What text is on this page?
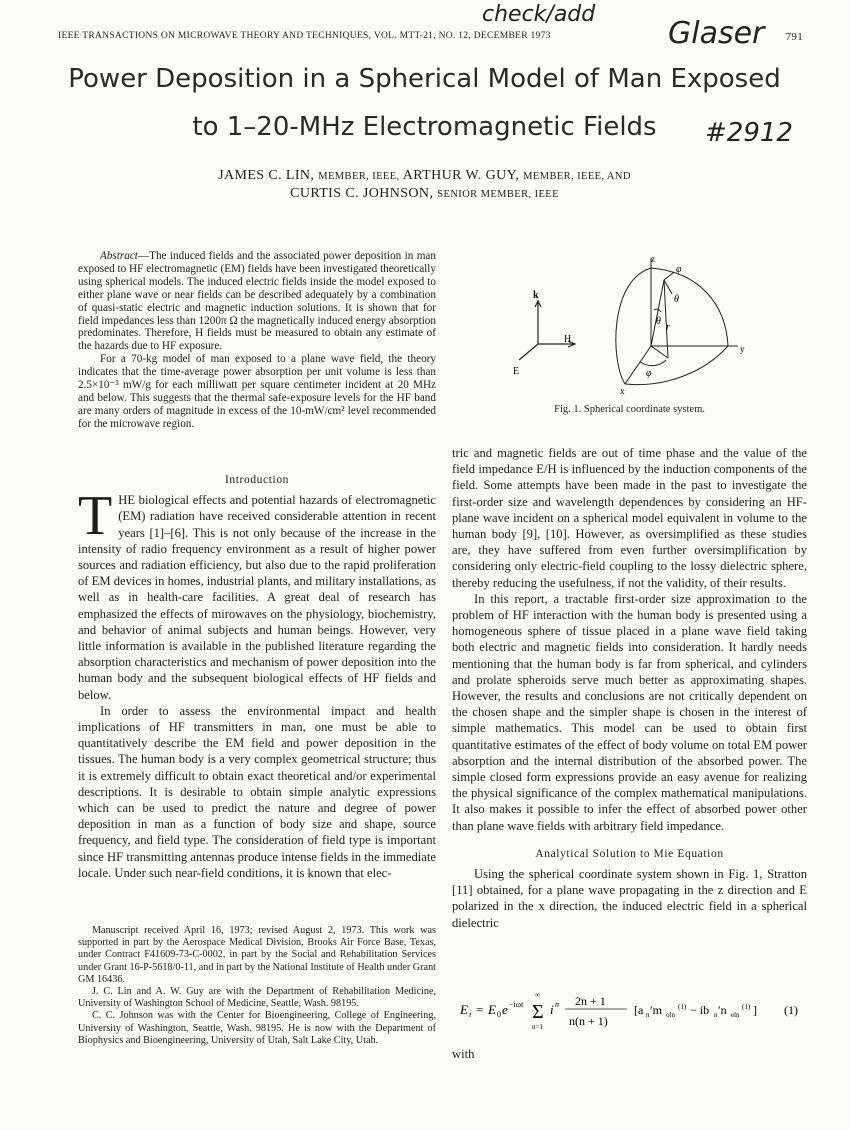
IEEE TRANSACTIONS ON MICROWAVE THEORY AND TECHNIQUES, VOL. MTT-21, NO. 12, DECEMBER 1973	791
check/add
Glaser
#2912
Power Deposition in a Spherical Model of Man Exposed
to 1–20-MHz Electromagnetic Fields
JAMES C. LIN, MEMBER, IEEE, ARTHUR W. GUY, MEMBER, IEEE, AND
CURTIS C. JOHNSON, SENIOR MEMBER, IEEE

Abstract—The induced fields and the associated power deposition in man exposed to HF electromagnetic (EM) fields have been investigated theoretically using spherical models. The induced electric fields inside the model exposed to either plane wave or near fields can be described adequately by a combination of quasi-static electric and magnetic induction solutions. It is shown that for field impedances less than 1200π Ω the magnetically induced energy absorption predominates. Therefore, H fields must be measured to obtain any estimate of the hazards due to HF exposure.

For a 70-kg model of man exposed to a plane wave field, the theory indicates that the time-average power absorption per unit volume is less than 2.5×10⁻³ mW/g for each milliwatt per square centimeter incident at 20 MHz and below. This suggests that the thermal safe-exposure levels for the HF band are many orders of magnitude in excess of the 10-mW/cm² level recommended for the microwave region.

Introduction

THE biological effects and potential hazards of electromagnetic (EM) radiation have received considerable attention in recent years [1]–[6]. This is not only because of the increase in the intensity of radio frequency environment as a result of higher power sources and radiation efficiency, but also due to the rapid proliferation of EM devices in homes, industrial plants, and military installations, as well as in health-care facilities. A great deal of research has emphasized the effects of mirowaves on the physiology, biochemistry, and behavior of animal subjects and human beings. However, very little information is available in the published literature regarding the absorption characteristics and mechanism of power deposition into the human body and the subsequent biological effects of HF fields and below.

In order to assess the environmental impact and health implications of HF transmitters in man, one must be able to quantitatively describe the EM field and power deposition in the tissues. The human body is a very complex geometrical structure; thus it is extremely difficult to obtain exact theoretical and/or experimental descriptions. It is desirable to obtain simple analytic expressions which can be used to predict the nature and degree of power deposition in man as a function of body size and shape, source frequency, and field type. The consideration of field type is important since HF transmitting antennas produce intense fields in the immediate locale. Under such near-field conditions, it is known that elec-

Manuscript received April 16, 1973; revised August 2, 1973. This work was supported in part by the Aerospace Medical Division, Brooks Air Force Base, Texas, under Contract F41609-73-C-0002, in part by the Social and Rehabilitation Services under Grant 16-P-5618/0-11, and in part by the National Institute of Health under Grant GM 16436.

J. C. Lin and A. W. Guy are with the Department of Rehabilitation Medicine, University of Washington School of Medicine, Seattle, Wash. 98195.

C. C. Johnson was with the Center for Bioengineering, College of Engineering, University of Washington, Seattle, Wash. 98195. He is now with the Department of Biophysics and Bioengineering, University of Utah, Salt Lake City, Utah.

k
H
E
z
y
x
θ
φ
θ
r
φ
Fig. 1. Spherical coordinate system.

tric and magnetic fields are out of time phase and the value of the field impedance E/H is influenced by the induction components of the field. Some attempts have been made in the past to investigate the first-order size and wavelength dependences by considering an HF-plane wave incident on a spherical model equivalent in volume to the human body [9], [10]. However, as oversimplified as these studies are, they have suffered from even further oversimplification by considering only electric-field coupling to the lossy dielectric sphere, thereby reducing the usefulness, if not the validity, of their results.

In this report, a tractable first-order size approximation to the problem of HF interaction with the human body is presented using a homogeneous sphere of tissue placed in a plane wave field taking both electric and magnetic fields into consideration. It hardly needs mentioning that the human body is far from spherical, and cylinders and prolate spheroids serve much better as approximating shapes. However, the results and conclusions are not critically dependent on the chosen shape and the simpler shape is chosen in the interest of simple mathematics. This model can be used to obtain first quantitative estimates of the effect of body volume on total EM power absorption and the internal distribution of the absorbed power. The simple closed form expressions provide an easy avenue for realizing the physical significance of the complex mathematical manipulations. It also makes it possible to infer the effect of absorbed power other than plane wave fields with arbitrary field impedance.

Analytical Solution to Mie Equation

Using the spherical coordinate system shown in Fig. 1, Stratton [11] obtained, for a plane wave propagating in the z direction and E polarized in the x direction, the induced electric field in a spherical dielectric

E i = E 0 e −iωt Σ
∞
n=1
i n 2n + 1
n(n + 1)
[a n ′m oln
(1) − ib n ′n eln
(1) ] (1)
with
